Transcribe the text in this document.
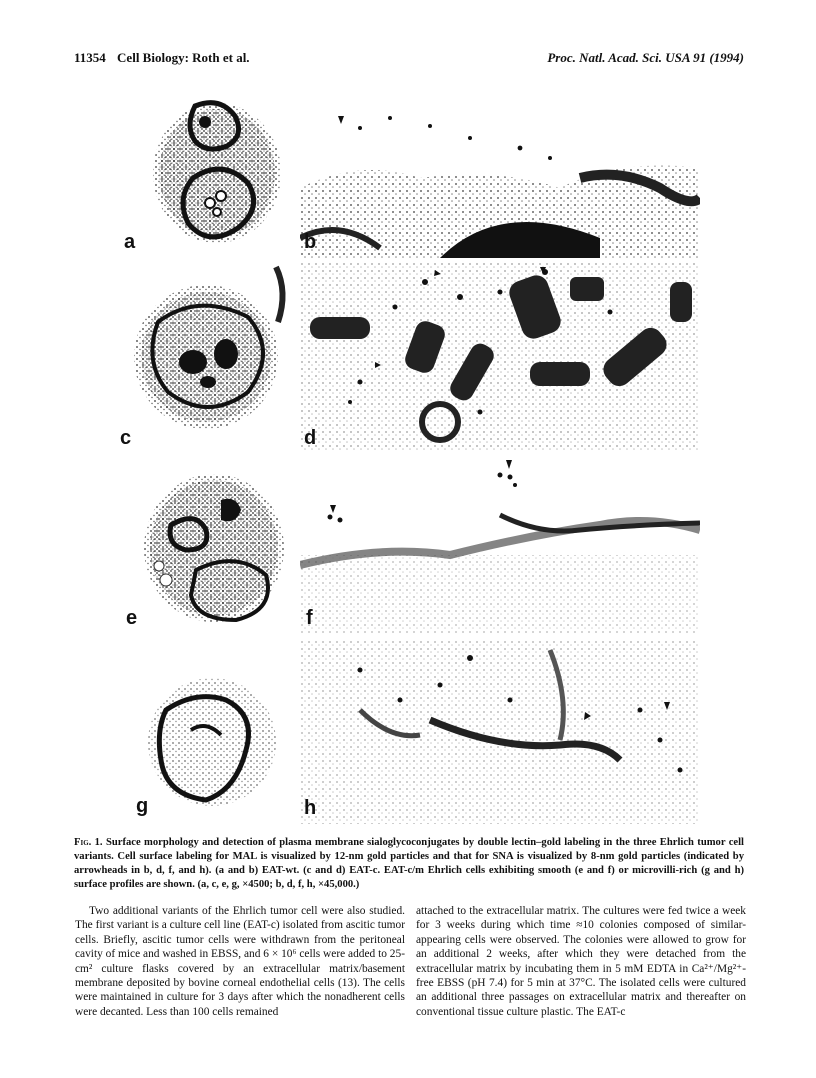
11354 Cell Biology: Roth et al.	Proc. Natl. Acad. Sci. USA 91 (1994)
a	b
c	d
e	f
g	h
Fig. 1. Surface morphology and detection of plasma membrane sialoglycoconjugates by double lectin–gold labeling in the three Ehrlich tumor cell variants. Cell surface labeling for MAL is visualized by 12-nm gold particles and that for SNA is visualized by 8-nm gold particles (indicated by arrowheads in b, d, f, and h). (a and b) EAT-wt. (c and d) EAT-c. EAT-c/m Ehrlich cells exhibiting smooth (e and f) or microvilli-rich (g and h) surface profiles are shown. (a, c, e, g, ×4500; b, d, f, h, ×45,000.)

Two additional variants of the Ehrlich tumor cell were also studied. The first variant is a culture cell line (EAT-c) isolated from ascitic tumor cells. Briefly, ascitic tumor cells were withdrawn from the peritoneal cavity of mice and washed in EBSS, and 6 × 10⁶ cells were added to 25-cm² culture flasks covered by an extracellular matrix/basement membrane deposited by bovine corneal endothelial cells (13). The cells were maintained in culture for 3 days after which the nonadherent cells were decanted. Less than 100 cells remained

attached to the extracellular matrix. The cultures were fed twice a week for 3 weeks during which time ≈10 colonies composed of similar-appearing cells were observed. The colonies were allowed to grow for an additional 2 weeks, after which they were detached from the extracellular matrix by incubating them in 5 mM EDTA in Ca²⁺/Mg²⁺-free EBSS (pH 7.4) for 5 min at 37°C. The isolated cells were cultured an additional three passages on extracellular matrix and thereafter on conventional tissue culture plastic. The EAT-c
